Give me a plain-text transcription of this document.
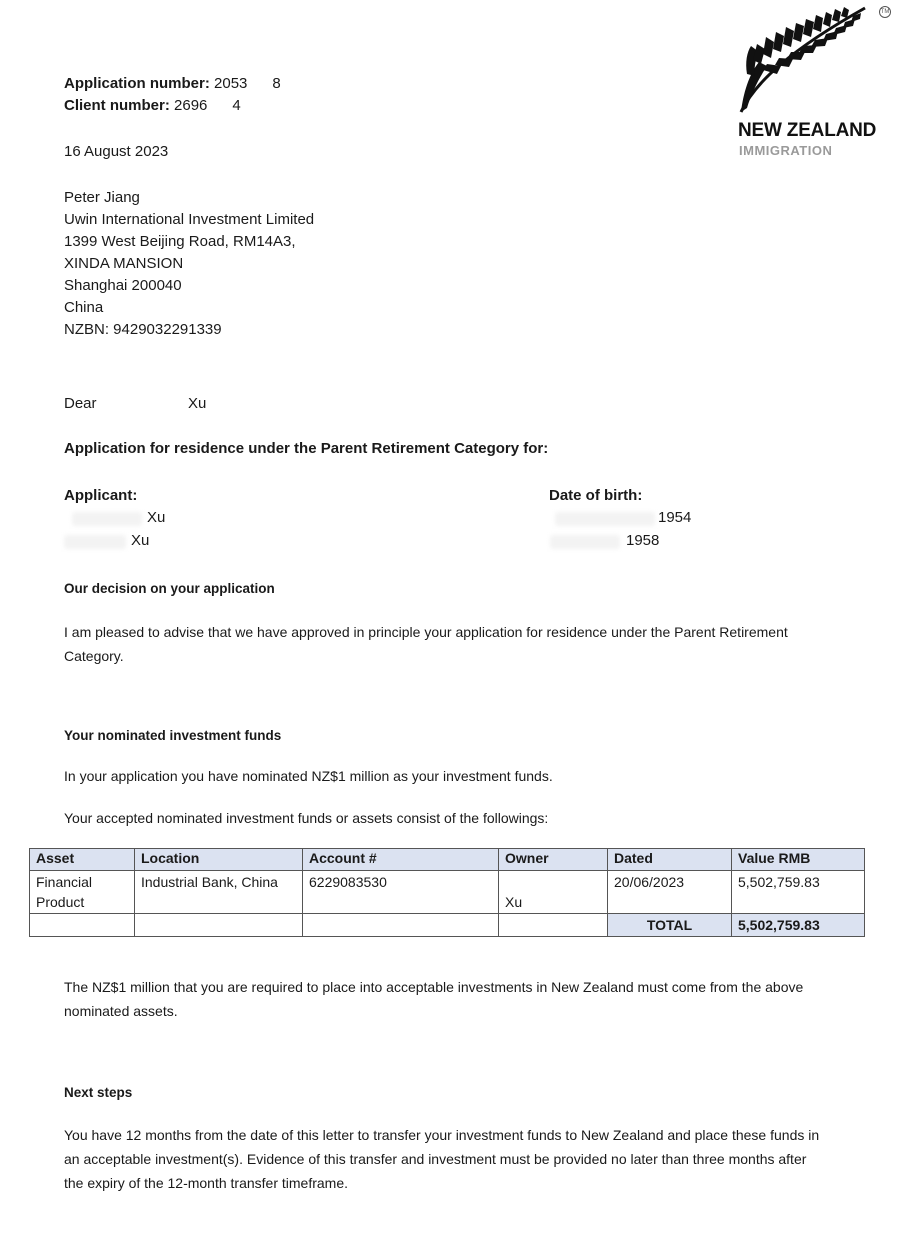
TM
NEW ZEALAND
IMMIGRATION
Application number: 2053      8
Client number: 2696      4
16 August 2023
Peter Jiang
Uwin International Investment Limited
1399 West Beijing Road, RM14A3,
XINDA MANSION
Shanghai 200040
China
NZBN: 9429032291339
Dear	Xu
Application for residence under the Parent Retirement Category for:
Applicant:	Date of birth:
Xu	1954
Xu	1958
Our decision on your application
I am pleased to advise that we have approved in principle your application for residence under the Parent Retirement Category.
Your nominated investment funds
In your application you have nominated NZ$1 million as your investment funds.
Your accepted nominated investment funds or assets consist of the followings:
Asset	Location	Account #	Owner	Dated	Value RMB
Financial Product	Industrial Bank, China	6229083530	Xu	20/06/2023	5,502,759.83
				TOTAL	5,502,759.83
The NZ$1 million that you are required to place into acceptable investments in New Zealand must come from the above nominated assets.
Next steps
You have 12 months from the date of this letter to transfer your investment funds to New Zealand and place these funds in an acceptable investment(s). Evidence of this transfer and investment must be provided no later than three months after the expiry of the 12-month transfer timeframe.
